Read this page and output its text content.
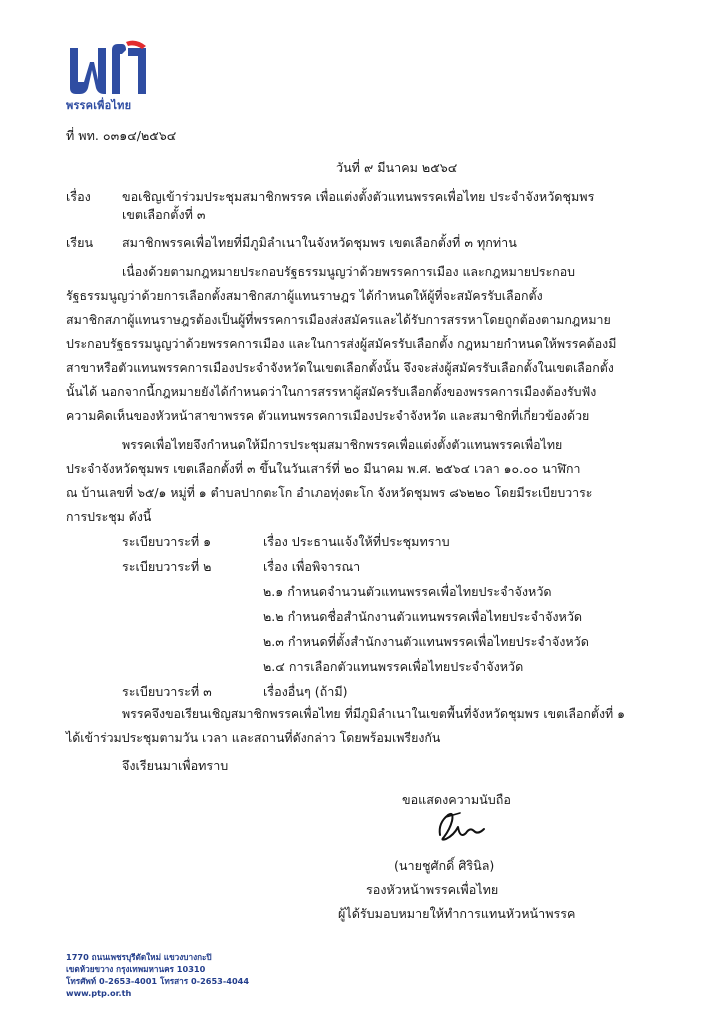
พรรคเพื่อไทย
ที่ พท. ๐๓๑๔/๒๕๖๔
วันที่ ๙ มีนาคม ๒๕๖๔
เรื่อง ขอเชิญเข้าร่วมประชุมสมาชิกพรรค เพื่อแต่งตั้งตัวแทนพรรคเพื่อไทย ประจำจังหวัดชุมพร
เขตเลือกตั้งที่ ๓
เรียน สมาชิกพรรคเพื่อไทยที่มีภูมิลำเนาในจังหวัดชุมพร เขตเลือกตั้งที่ ๓ ทุกท่าน
เนื่องด้วยตามกฎหมายประกอบรัฐธรรมนูญว่าด้วยพรรคการเมือง และกฎหมายประกอบ
รัฐธรรมนูญว่าด้วยการเลือกตั้งสมาชิกสภาผู้แทนราษฎร ได้กำหนดให้ผู้ที่จะสมัครรับเลือกตั้ง
สมาชิกสภาผู้แทนราษฎรต้องเป็นผู้ที่พรรคการเมืองส่งสมัครและได้รับการสรรหาโดยถูกต้องตามกฎหมาย
ประกอบรัฐธรรมนูญว่าด้วยพรรคการเมือง และในการส่งผู้สมัครรับเลือกตั้ง กฎหมายกำหนดให้พรรคต้องมี
สาขาหรือตัวแทนพรรคการเมืองประจำจังหวัดในเขตเลือกตั้งนั้น จึงจะส่งผู้สมัครรับเลือกตั้งในเขตเลือกตั้ง
นั้นได้ นอกจากนี้กฎหมายยังได้กำหนดว่าในการสรรหาผู้สมัครรับเลือกตั้งของพรรคการเมืองต้องรับฟัง
ความคิดเห็นของหัวหน้าสาขาพรรค ตัวแทนพรรคการเมืองประจำจังหวัด และสมาชิกที่เกี่ยวข้องด้วย
พรรคเพื่อไทยจึงกำหนดให้มีการประชุมสมาชิกพรรคเพื่อแต่งตั้งตัวแทนพรรคเพื่อไทย
ประจำจังหวัดชุมพร เขตเลือกตั้งที่ ๓ ขึ้นในวันเสาร์ที่ ๒๐ มีนาคม พ.ศ. ๒๕๖๔ เวลา ๑๐.๐๐ นาฬิกา
ณ บ้านเลขที่ ๖๕/๑ หมู่ที่ ๑ ตำบลปากตะโก อำเภอทุ่งตะโก จังหวัดชุมพร ๘๖๒๒๐ โดยมีระเบียบวาระ
การประชุม ดังนี้
ระเบียบวาระที่ ๑	เรื่อง ประธานแจ้งให้ที่ประชุมทราบ
ระเบียบวาระที่ ๒	เรื่อง เพื่อพิจารณา
๒.๑ กำหนดจำนวนตัวแทนพรรคเพื่อไทยประจำจังหวัด
๒.๒ กำหนดชื่อสำนักงานตัวแทนพรรคเพื่อไทยประจำจังหวัด
๒.๓ กำหนดที่ตั้งสำนักงานตัวแทนพรรคเพื่อไทยประจำจังหวัด
๒.๔ การเลือกตัวแทนพรรคเพื่อไทยประจำจังหวัด
ระเบียบวาระที่ ๓	เรื่องอื่นๆ (ถ้ามี)
พรรคจึงขอเรียนเชิญสมาชิกพรรคเพื่อไทย ที่มีภูมิลำเนาในเขตพื้นที่จังหวัดชุมพร เขตเลือกตั้งที่ ๑
ได้เข้าร่วมประชุมตามวัน เวลา และสถานที่ดังกล่าว โดยพร้อมเพรียงกัน
จึงเรียนมาเพื่อทราบ
ขอแสดงความนับถือ
(นายชูศักดิ์ ศิรินิล)
รองหัวหน้าพรรคเพื่อไทย
ผู้ได้รับมอบหมายให้ทำการแทนหัวหน้าพรรค
1770 ถนนเพชรบุรีตัดใหม่ แขวงบางกะปิ
เขตห้วยขวาง กรุงเทพมหานคร 10310
โทรศัพท์ 0-2653-4001 โทรสาร 0-2653-4044
www.ptp.or.th
